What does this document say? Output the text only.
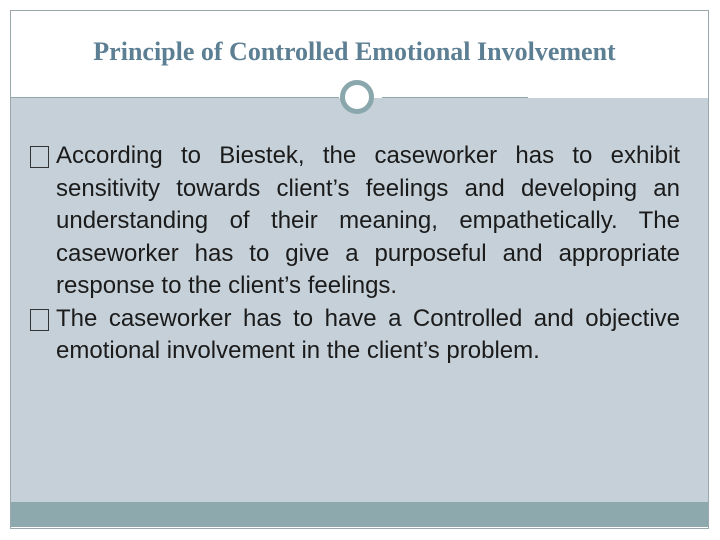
Principle of Controlled Emotional Involvement
According to Biestek, the caseworker has to exhibit sensitivity towards client’s feelings and developing an understanding of their meaning, empathetically. The caseworker has to give a purposeful and appropriate response to the client’s feelings.
The caseworker has to have a Controlled and objective emotional involvement in the client’s problem.
